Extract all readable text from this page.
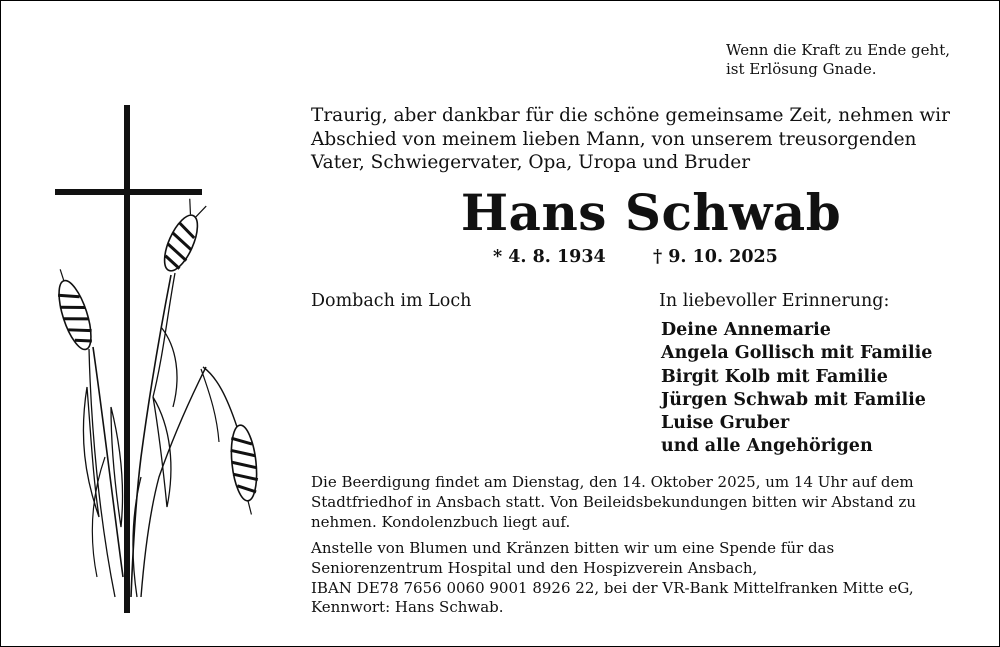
Wenn die Kraft zu Ende geht,
ist Erlösung Gnade.
Traurig, aber dankbar für die schöne gemeinsame Zeit, nehmen wir
Abschied von meinem lieben Mann, von unserem treusorgenden
Vater, Schwiegervater, Opa, Uropa und Bruder
Hans Schwab
* 4. 8. 1934	† 9. 10. 2025
Dombach im Loch	In liebevoller Erinnerung:
Deine Annemarie
Angela Gollisch mit Familie
Birgit Kolb mit Familie
Jürgen Schwab mit Familie
Luise Gruber
und alle Angehörigen
Die Beerdigung findet am Dienstag, den 14. Oktober 2025, um 14 Uhr auf dem
Stadtfriedhof in Ansbach statt. Von Beileidsbekundungen bitten wir Abstand zu
nehmen. Kondolenzbuch liegt auf.
Anstelle von Blumen und Kränzen bitten wir um eine Spende für das
Seniorenzentrum Hospital und den Hospizverein Ansbach,
IBAN DE78 7656 0060 9001 8926 22, bei der VR-Bank Mittelfranken Mitte eG,
Kennwort: Hans Schwab.
